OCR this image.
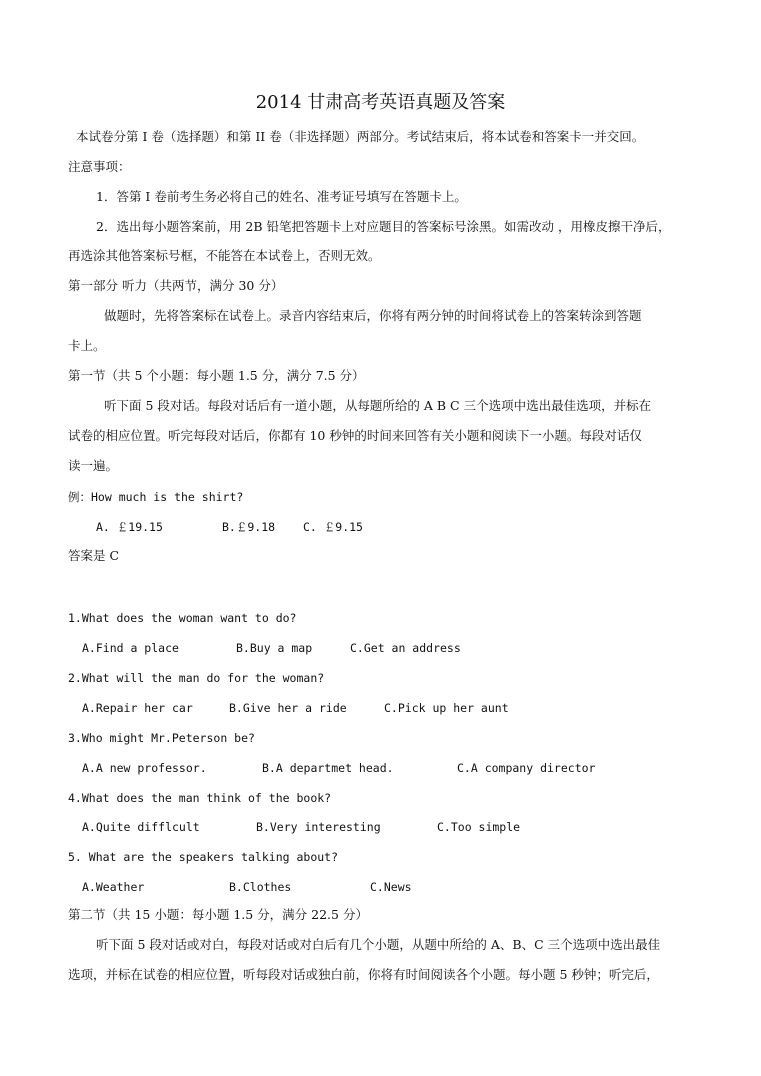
2014 甘肃高考英语真题及答案
本试卷分第 I 卷（选择题）和第 II 卷（非选择题）两部分。考试结束后，将本试卷和答案卡一并交回。
注意事项：
1．答第 I 卷前考生务必将自己的姓名、准考证号填写在答题卡上。
2．选出每小题答案前，用 2B 铅笔把答题卡上对应题目的答案标号涂黑。如需改动 ，用橡皮擦干净后，
再选涂其他答案标号框，不能答在本试卷上，否则无效。
第一部分 听力（共两节，满分 30 分）
做题时，先将答案标在试卷上。录音内容结束后，你将有两分钟的时间将试卷上的答案转涂到答题
卡上。
第一节（共 5 个小题：每小题 1.5 分，满分 7.5 分）
听下面 5 段对话。每段对话后有一道小题，从每题所给的 A B C 三个选项中选出最佳选项，并标在
试卷的相应位置。听完每段对话后，你都有 10 秒钟的时间来回答有关小题和阅读下一小题。每段对话仅
读一遍。
例：How much is the shirt?
A. ￡19.15	B.￡9.18 C. ￡9.15
答案是 C
1.What does the woman want to do?
A.Find a place	B.Buy a map	C.Get an address
2.What will the man do for the woman?
A.Repair her car	B.Give her a ride	C.Pick up her aunt
3.Who might Mr.Peterson be?
A.A new professor.	B.A departmet head.	C.A company director
4.What does the man think of the book?
A.Quite difflcult	B.Very interesting	C.Too simple
5. What are the speakers talking about?
A.Weather	B.Clothes	C.News
第二节（共 15 小题：每小题 1.5 分，满分 22.5 分）
听下面 5 段对话或对白，每段对话或对白后有几个小题，从题中所给的 A、B、C 三个选项中选出最佳
选项，并标在试卷的相应位置，听每段对话或独白前，你将有时间阅读各个小题。每小题 5 秒钟；听完后，
